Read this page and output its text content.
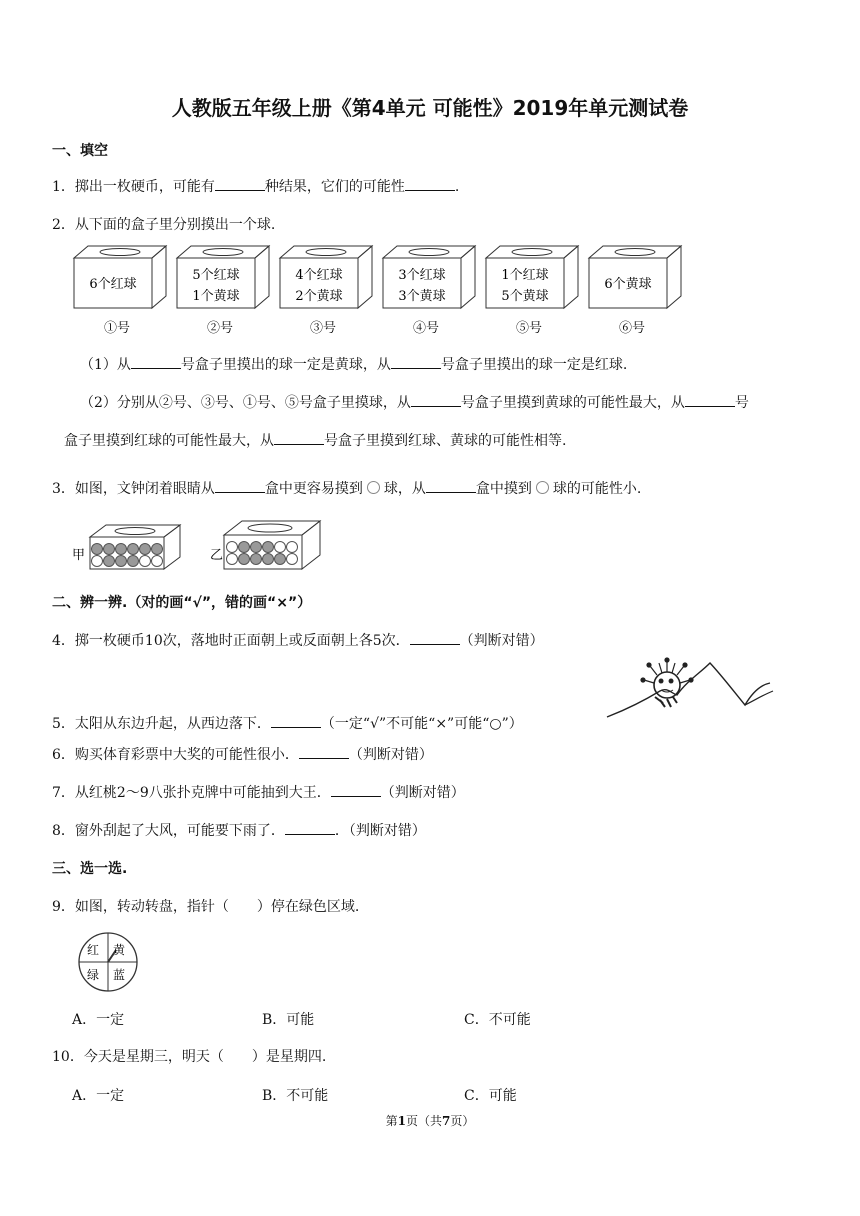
人教版五年级上册《第4单元 可能性》2019年单元测试卷
一、填空
1．掷出一枚硬币，可能有	种结果，它们的可能性	.
2．从下面的盒子里分别摸出一个球.
6个红球
①号
5个红球
1个黄球
②号
4个红球
2个黄球
③号
3个红球
3个黄球
④号
1个红球
5个黄球
⑤号
6个黄球
⑥号
（1）从	号盒子里摸出的球一定是黄球，从	号盒子里摸出的球一定是红球.
（2）分别从②号、③号、①号、⑤号盒子里摸球，从	号盒子里摸到黄球的可能性最大，从	号
盒子里摸到红球的可能性最大，从	号盒子里摸到红球、黄球的可能性相等.
3．如图，文钟闭着眼睛从	盒中更容易摸到 球，从	盒中摸到 球的可能性小.
甲	乙
二、辨一辨.（对的画“√”，错的画“×”）
4．掷一枚硬币10次，落地时正面朝上或反面朝上各5次．	（判断对错）
5．太阳从东边升起，从西边落下．	（一定“√”不可能“×”可能“○”）
6．购买体育彩票中大奖的可能性很小．	（判断对错）
7．从红桃2～9八张扑克牌中可能抽到大王．	（判断对错）
8．窗外刮起了大风，可能要下雨了．	．（判断对错）
三、选一选.
9．如图，转动转盘，指针（　　）停在绿色区域.
红 黄
绿 蓝
A．一定	B．可能	C．不可能
10．今天是星期三，明天（　　）是星期四.
A．一定	B．不可能	C．可能
第1页（共7页）
